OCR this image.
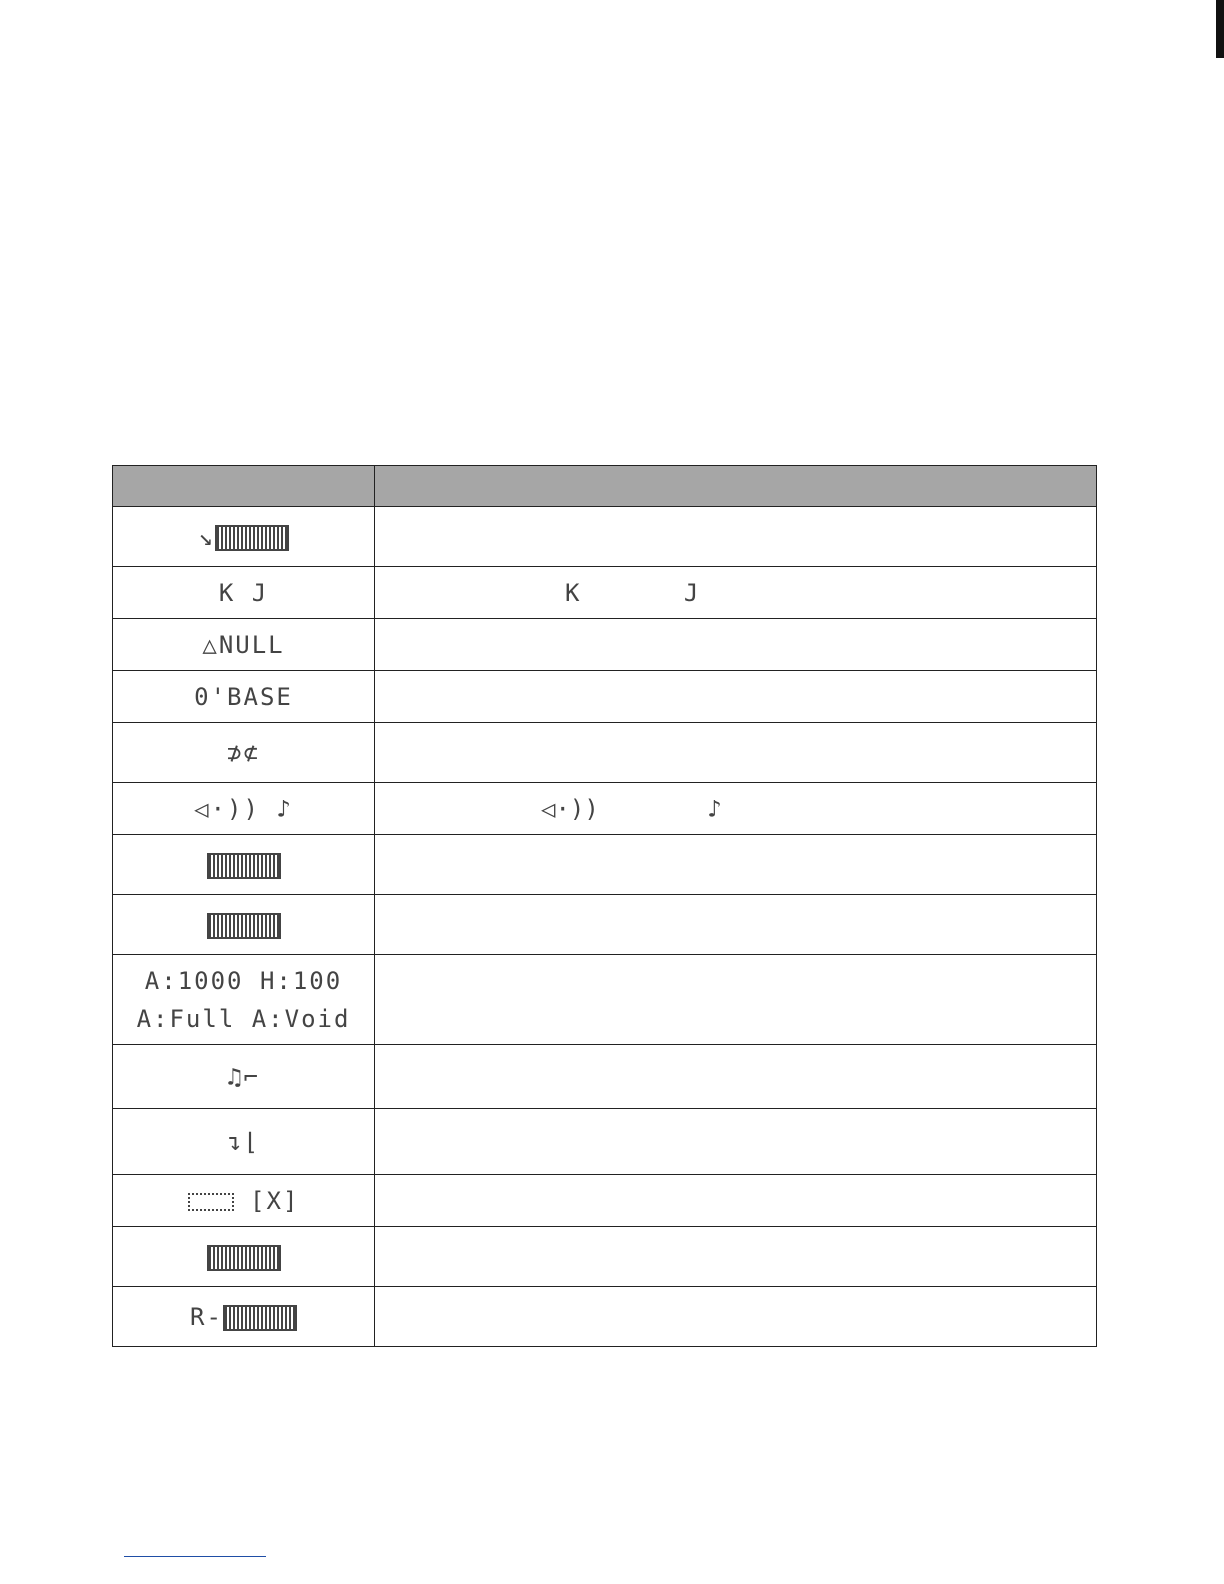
↘	
K J	K J
△NULL	
0'BASE	
⊅⊄	
◁·)) ♪	◁·)) ♪

A:1000 H:100
A:Full A:Void	

♫⌐	
↴⌊	
[X]	

R-	
